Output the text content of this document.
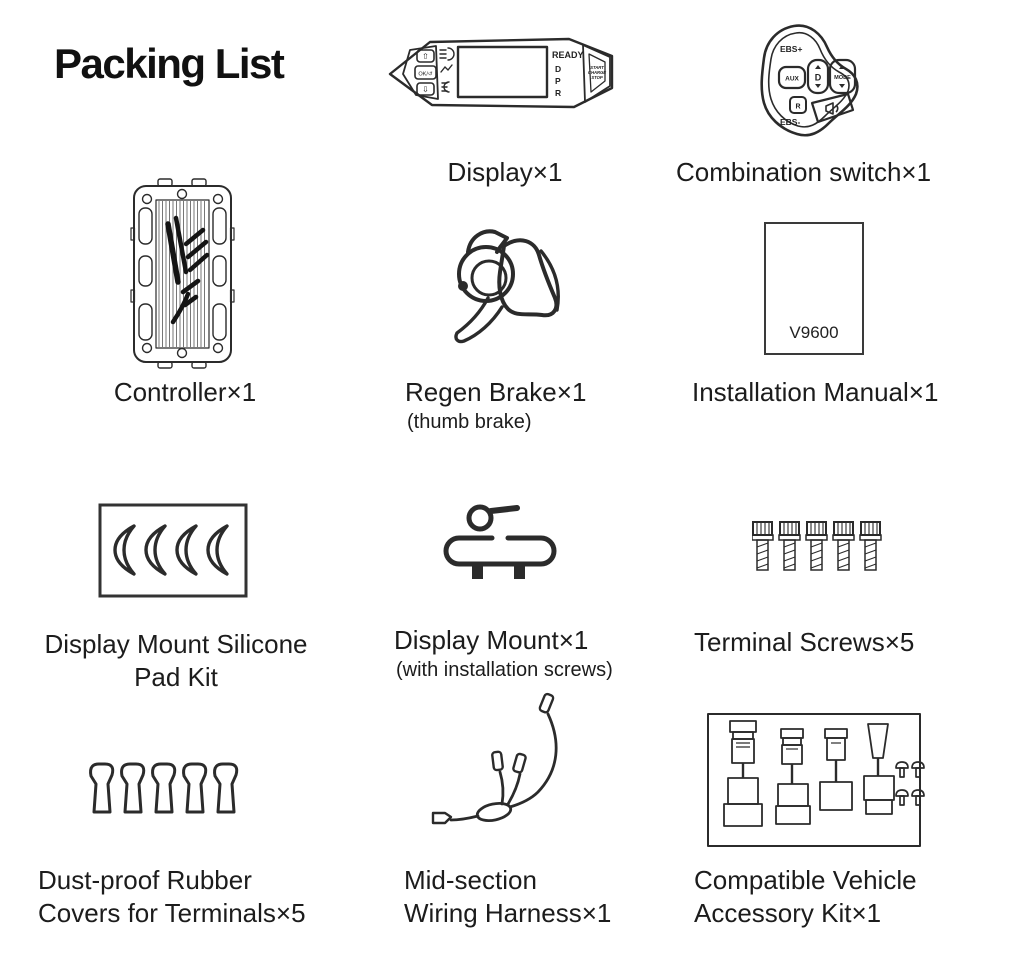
Packing List	⇧
OK/↺
⇩
READY
D
P
R
START
CHARGE
STOP
Display×1
EBS+
AUX D MODE
R
EBS-
Combination switch×1
Controller×1	Regen Brake×1
(thumb brake)
V9600
Installation Manual×1
Display Mount Silicone
Pad Kit
Display Mount×1
(with installation screws)
Terminal Screws×5
Dust-proof Rubber
Covers for Terminals×5
Mid-section
Wiring Harness×1
Compatible Vehicle
Accessory Kit×1
